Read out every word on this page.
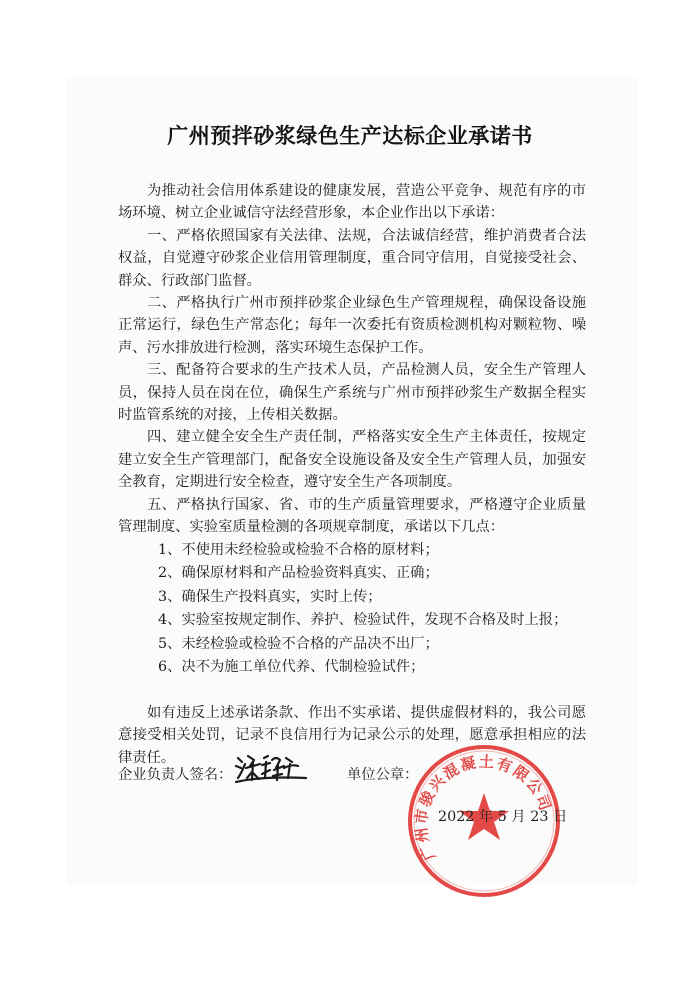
广州预拌砂浆绿色生产达标企业承诺书

为推动社会信用体系建设的健康发展，营造公平竞争、规范有序的市场环境、树立企业诚信守法经营形象，本企业作出以下承诺：

一、严格依照国家有关法律、法规，合法诚信经营，维护消费者合法权益，自觉遵守砂浆企业信用管理制度，重合同守信用，自觉接受社会、群众、行政部门监督。

二、严格执行广州市预拌砂浆企业绿色生产管理规程，确保设备设施正常运行，绿色生产常态化；每年一次委托有资质检测机构对颗粒物、噪声、污水排放进行检测，落实环境生态保护工作。

三、配备符合要求的生产技术人员，产品检测人员，安全生产管理人员，保持人员在岗在位，确保生产系统与广州市预拌砂浆生产数据全程实时监管系统的对接，上传相关数据。

四、建立健全安全生产责任制，严格落实安全生产主体责任，按规定建立安全生产管理部门，配备安全设施设备及安全生产管理人员，加强安全教育，定期进行安全检查，遵守安全生产各项制度。

五、严格执行国家、省、市的生产质量管理要求，严格遵守企业质量管理制度、实验室质量检测的各项规章制度，承诺以下几点：

1、不使用未经检验或检验不合格的原材料；

2、确保原材料和产品检验资料真实、正确；

3、确保生产投料真实，实时上传；

4、实验室按规定制作、养护、检验试件，发现不合格及时上报；

5、未经检验或检验不合格的产品决不出厂；

6、决不为施工单位代养、代制检验试件；

如有违反上述承诺条款、作出不实承诺、提供虚假材料的，我公司愿意接受相关处罚，记录不良信用行为记录公示的处理，愿意承担相应的法律责任。

企业负责人签名：	单位公章：
广州市骏兴混凝土有限公司
2022 年 5 月 23 日
